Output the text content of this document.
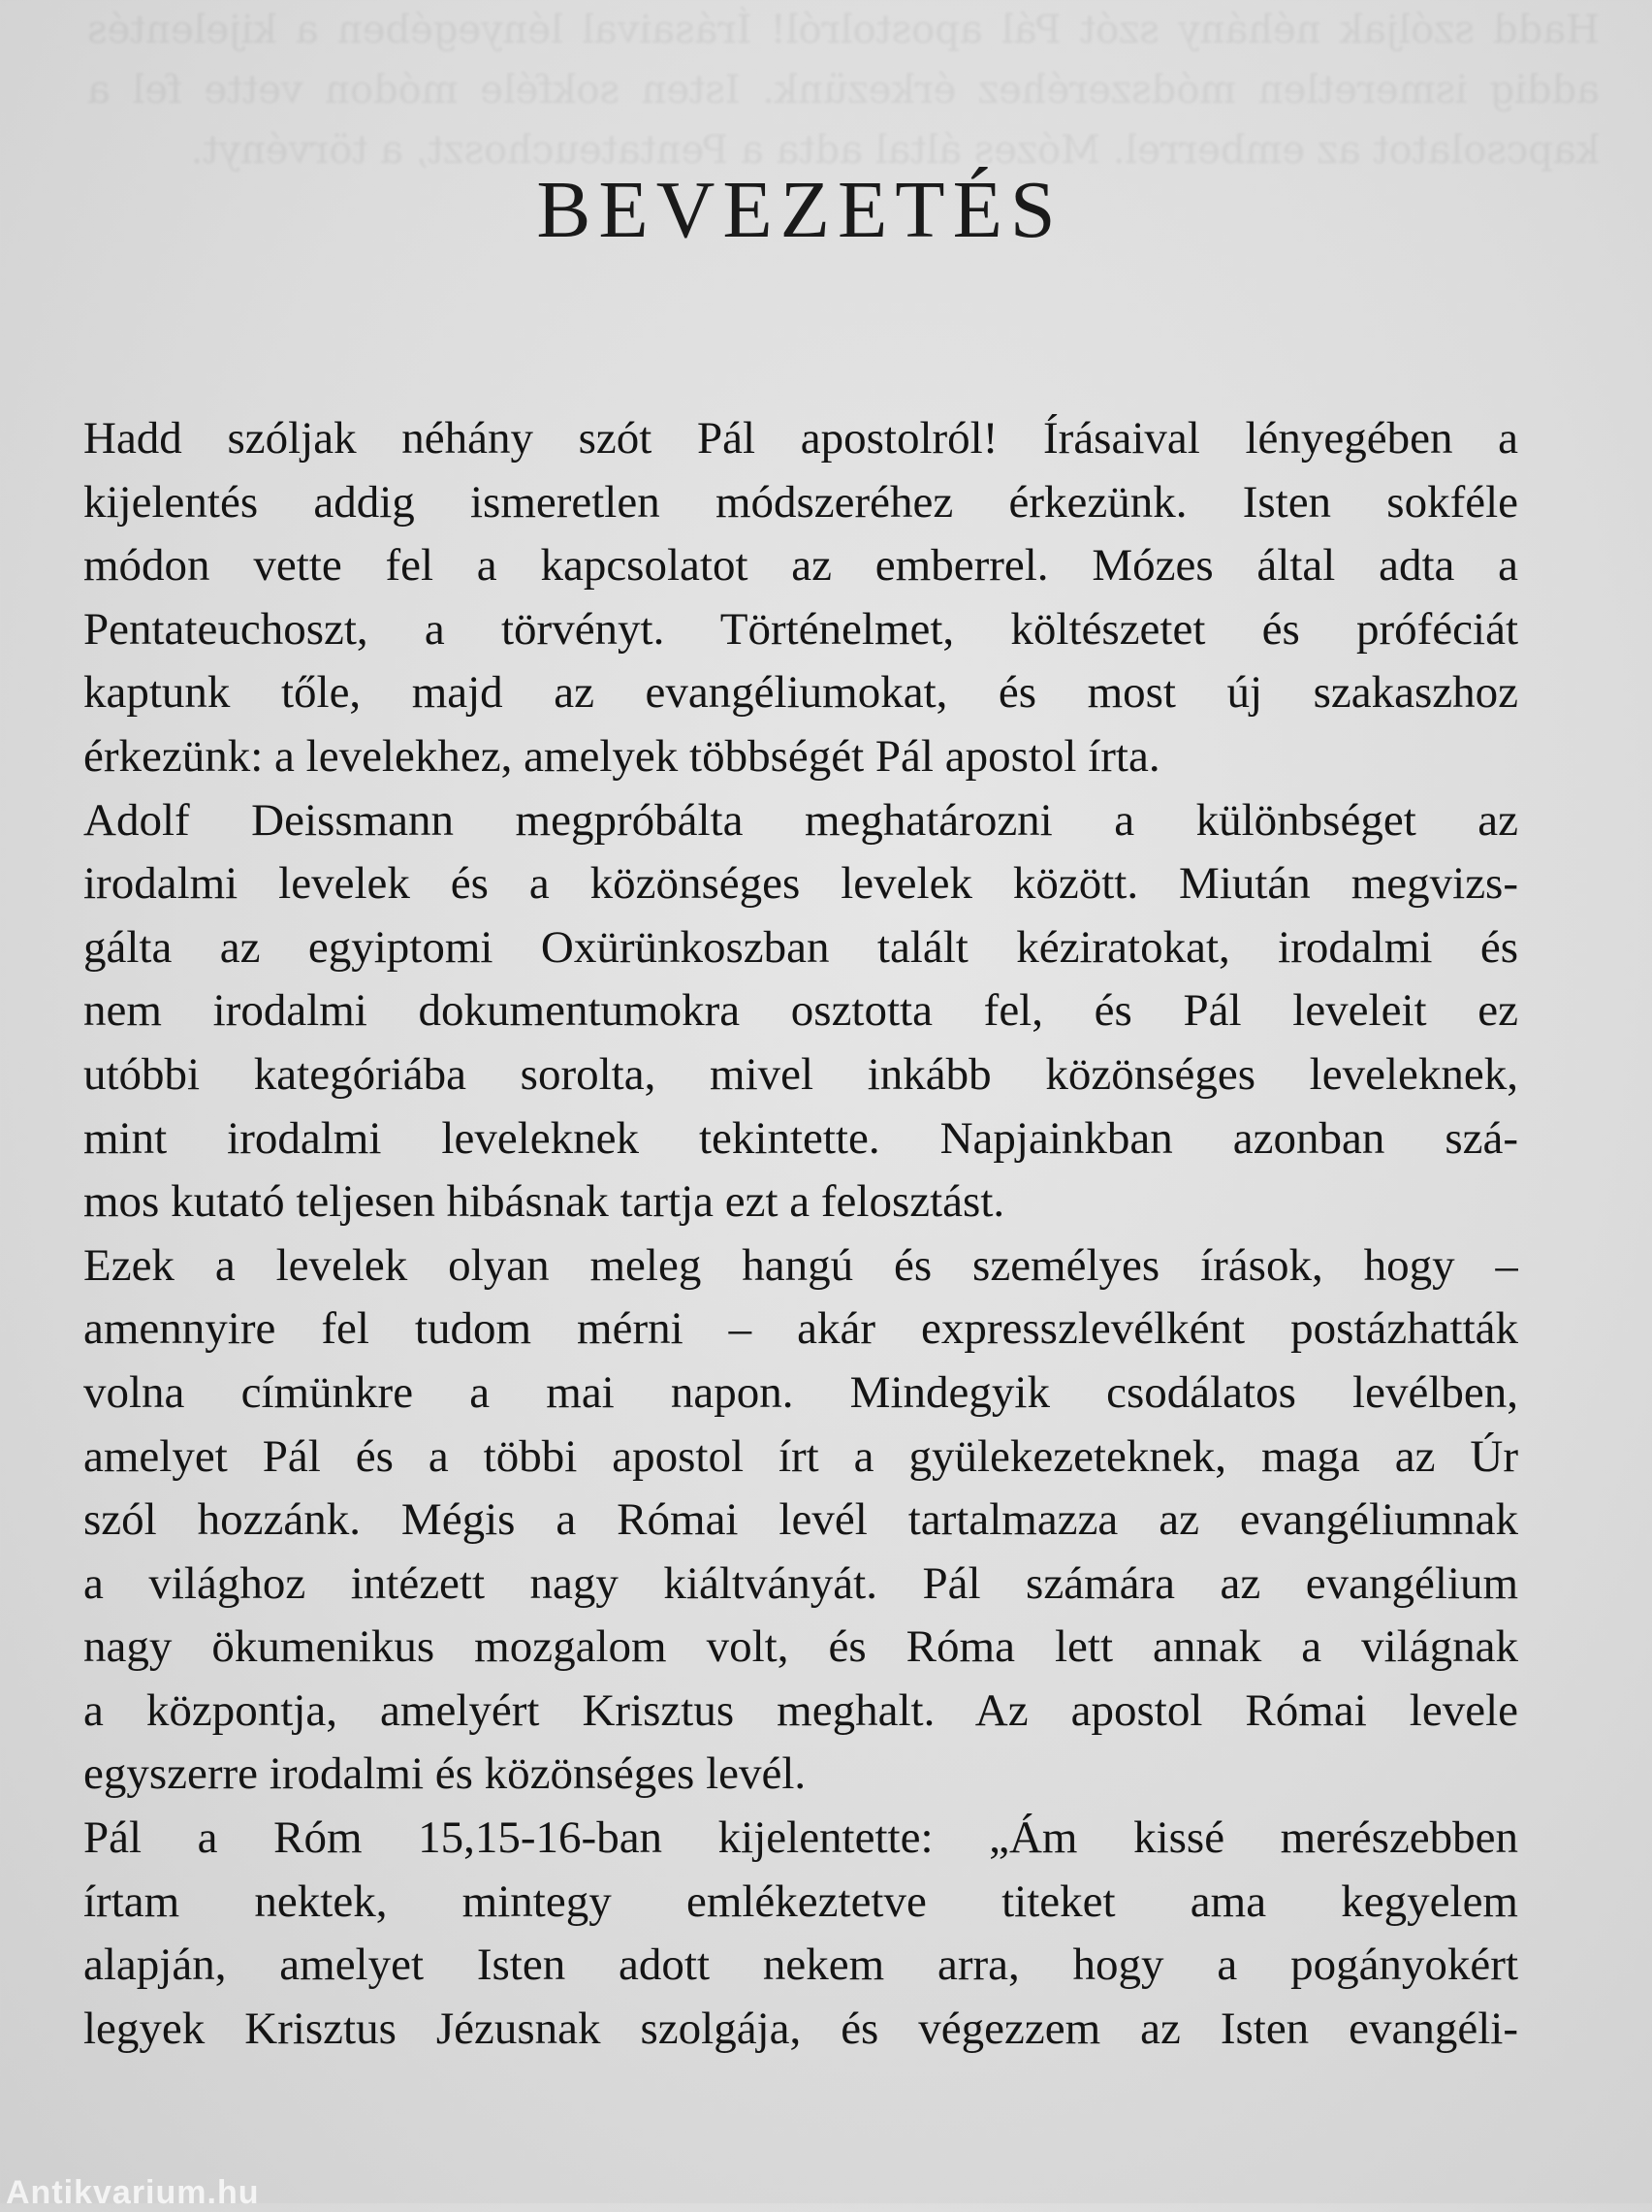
Hadd szóljak néhány szót Pál apostolról! Írásaival lényegében a kijelentés addig ismeretlen módszeréhez érkezünk. Isten sokféle módon vette fel a kapcsolatot az emberrel. Mózes által adta a Pentateuchoszt, a törvényt.
BEVEZETÉS

Hadd szóljak néhány szót Pál apostolról! Írásaival lényegében a
kijelentés addig ismeretlen módszeréhez érkezünk. Isten sokféle
módon vette fel a kapcsolatot az emberrel. Mózes által adta a
Pentateuchoszt, a törvényt. Történelmet, költészetet és próféciát
kaptunk tőle, majd az evangéliumokat, és most új szakaszhoz
érkezünk: a levelekhez, amelyek többségét Pál apostol írta.

Adolf Deissmann megpróbálta meghatározni a különbséget az
irodalmi levelek és a közönséges levelek között. Miután megvizs-
gálta az egyiptomi Oxürünkoszban talált kéziratokat, irodalmi és
nem irodalmi dokumentumokra osztotta fel, és Pál leveleit ez
utóbbi kategóriába sorolta, mivel inkább közönséges leveleknek,
mint irodalmi leveleknek tekintette. Napjainkban azonban szá-
mos kutató teljesen hibásnak tartja ezt a felosztást.

Ezek a levelek olyan meleg hangú és személyes írások, hogy –
amennyire fel tudom mérni – akár expresszlevélként postázhatták
volna címünkre a mai napon. Mindegyik csodálatos levélben,
amelyet Pál és a többi apostol írt a gyülekezeteknek, maga az Úr
szól hozzánk. Mégis a Római levél tartalmazza az evangéliumnak
a világhoz intézett nagy kiáltványát. Pál számára az evangélium
nagy ökumenikus mozgalom volt, és Róma lett annak a világnak
a központja, amelyért Krisztus meghalt. Az apostol Római levele
egyszerre irodalmi és közönséges levél.

Pál a Róm 15,15-16-ban kijelentette: „Ám kissé merészebben
írtam nektek, mintegy emlékeztetve titeket ama kegyelem
alapján, amelyet Isten adott nekem arra, hogy a pogányokért
legyek Krisztus Jézusnak szolgája, és végezzem az Isten evangéli-

Antikvarium.hu
